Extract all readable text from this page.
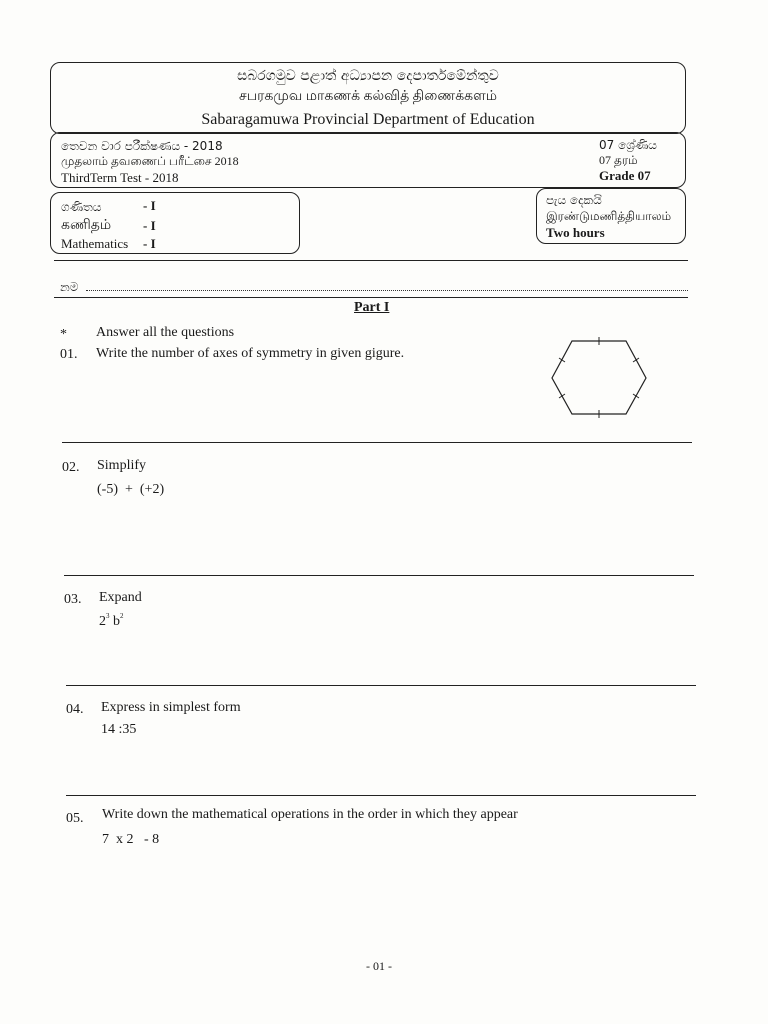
සබරගමුව පළාත් අධ්‍යාපන දෙපාර්තමේන්තුව
சபரகமுவ மாகணக் கல்வித் திணைக்களம்
Sabaragamuwa Provincial Department of Education
තෙවන වාර පරීක්ෂණය - 2018
முதலாம் தவணைப் பரீட்சை 2018
ThirdTerm Test - 2018
07 ශ්‍රේණිය
07 தரம்
Grade 07
ගණිතය	- I
கணிதம் - I
Mathematics - I
පැය දෙකයි
இரண்டுமணித்தியாலம்
Two hours
නම
Part I
* Answer all the questions
01. Write the number of axes of symmetry in given gigure.
02. Simplify
(-5)  +  (+2)
03. Expand
$2^3$ $b^2$
04. Express in simplest form
14 :35
05. Write down the mathematical operations in the order in which they appear
7  x 2   - 8
- 01 -
